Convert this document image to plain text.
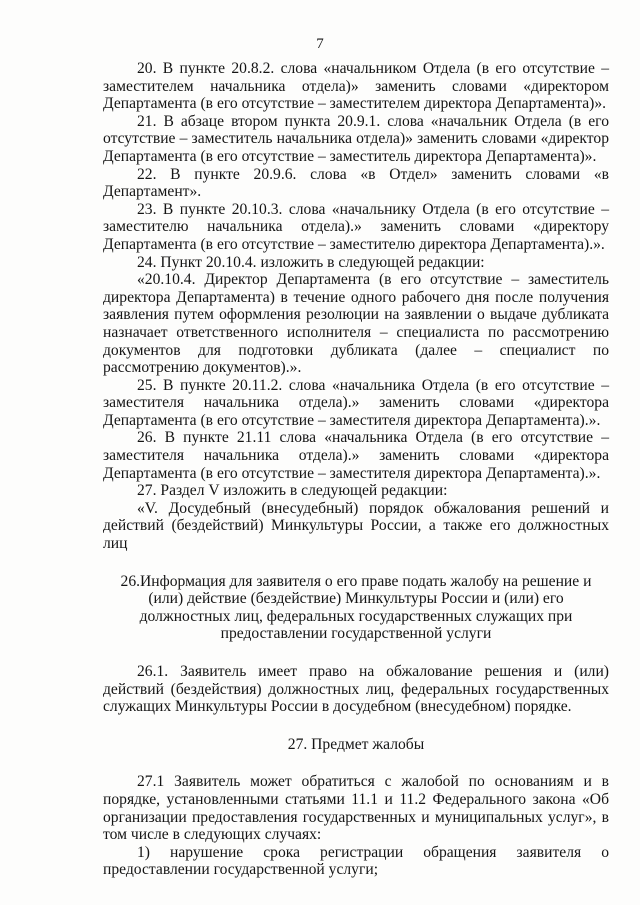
7

20. В пункте 20.8.2. слова «начальником Отдела (в его отсутствие – заместителем начальника отдела)» заменить словами «директором Департамента (в его отсутствие – заместителем директора Департамента)».

21. В абзаце втором пункта 20.9.1. слова «начальник Отдела (в его отсутствие – заместитель начальника отдела)» заменить словами «директор Департамента (в его отсутствие – заместитель директора Департамента)».

22. В пункте 20.9.6. слова «в Отдел» заменить словами «в Департамент».

23. В пункте 20.10.3. слова «начальнику Отдела (в его отсутствие – заместителю начальника отдела).» заменить словами «директору Департамента (в его отсутствие – заместителю директора Департамента).».

24. Пункт 20.10.4. изложить в следующей редакции:

«20.10.4. Директор Департамента (в его отсутствие – заместитель директора Департамента) в течение одного рабочего дня после получения заявления путем оформления резолюции на заявлении о выдаче дубликата назначает ответственного исполнителя – специалиста по рассмотрению документов для подготовки дубликата (далее – специалист по рассмотрению документов).».

25. В пункте 20.11.2. слова «начальника Отдела (в его отсутствие – заместителя начальника отдела).» заменить словами «директора Департамента (в его отсутствие – заместителя директора Департамента).».

26. В пункте 21.11 слова «начальника Отдела (в его отсутствие – заместителя начальника отдела).» заменить словами «директора Департамента (в его отсутствие – заместителя директора Департамента).».

27. Раздел V изложить в следующей редакции:

«V. Досудебный (внесудебный) порядок обжалования решений и действий (бездействий) Минкультуры России, а также его должностных лиц

26.Информация для заявителя о его праве подать жалобу на решение и (или) действие (бездействие) Минкультуры России и (или) его должностных лиц, федеральных государственных служащих при предоставлении государственной услуги

26.1. Заявитель имеет право на обжалование решения и (или) действий (бездействия) должностных лиц, федеральных государственных служащих Минкультуры России в досудебном (внесудебном) порядке.

27. Предмет жалобы

27.1 Заявитель может обратиться с жалобой по основаниям и в порядке, установленными статьями 11.1 и 11.2 Федерального закона «Об организации предоставления государственных и муниципальных услуг», в том числе в следующих случаях:

1) нарушение срока регистрации обращения заявителя о предоставлении государственной услуги;
